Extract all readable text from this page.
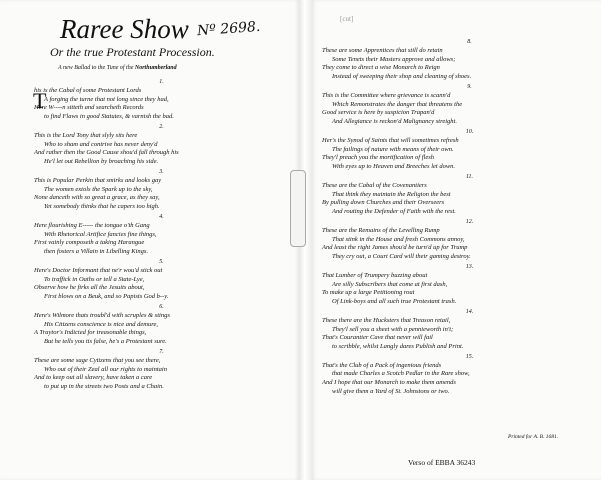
Raree Show Nº 2698.
Or the true Protestant Procession.
A new Ballad to the Tune of the Northumberland
T
1.
his is the Cabal of some Protestant Lords
A forging the turne that not long since they had,
Here W----n sitteth and searcheth Records
to find Flaws in good Statutes, & varnish the bad.
2.
This is the Lord Tony that slyly sits here
Who to sham and contrive has never deny'd
And rather then the Good Cause shou'd fall through his
He'l let out Rebellion by broaching his side.
3.
This is Popular Perkin that smirks and looks gay
The women extols the Spark up to the sky,
None danceth with so great a grace, as they say,
Yet somebody thinks that he capers too high.
4.
Here flourishing E----- the tongue o'th Gang
With Rhetorical Artifice fancies fine things,
First vainly composeth a taking Harangue
then fosters a Villain in Libelling Kings.
5.
Here's Doctor Informant that ne'r wou'd stick out
To traffick in Oaths or tell a State-Lye,
Observe how he firks all the Jesuits about,
First blows on a Beuk, and so Papists God b--y.
6.
Here's Wilmore thats troubl'd with scruples & stings
His Citizens conscience is nice and demure,
A Traytor's Indicted for treasonable things,
But he tells you tis false, he's a Protestant sure.
7.
These are some sage Cytizens that you see there,
Who out of their Zeal all our rights to maintain
And to keep out all slavery, have taken a care
to put up in the streets two Posts and a Chain.
[cut]
8.
These are some Apprentices that still do retain
Some Tenets their Masters approve and allows;
They come to direct a wise Monarch to Reign
Instead of sweeping their shop and cleaning of shoes.
9.
This is the Committee where grievance is scann'd
Which Remonstrates the danger that threatens the
Good service is here by suspicion Trapan'd
And Allegiance is reckon'd Malignancy streight.
10.
Her's the Synod of Saints that will sometimes refresh
The failings of nature with means of their own.
They'l preach you the mortification of flesh
With eyes up to Heaven and Breeches let down.
11.
These are the Cabal of the Covenantiers
That think they maintain the Religion the best
By pulling down Churches and their Overseers
And routing the Defender of Faith with the rest.
12.
These are the Remains of the Levelling Rump
That stink in the House and fresh Commons annoy,
And least the right James shou'd be turn'd up for Trump
They cry out, a Court Card will their gaming destroy.
13.
That Lumber of Trumpery buzzing about
Are silly Subscribers that come at first dash,
To make up a large Petitioning rout
Of Link-boys and all such true Protestant trash.
14.
These there are the Hucksters that Treason retail,
They'l sell you a sheet with a pennieworth in't;
That's Courantier Cave that never will fail
to scribble, whilst Langly dares Publish and Print.
15.
That's the Club of a Pack of ingenious friends
that made Charles a Scotch Pedlar in the Rare show,
And I hope that our Monarch to make them amends
will give them a Yard of St. Johnstons or two.
Printed for A. B. 1681.
Verso of EBBA 36243
